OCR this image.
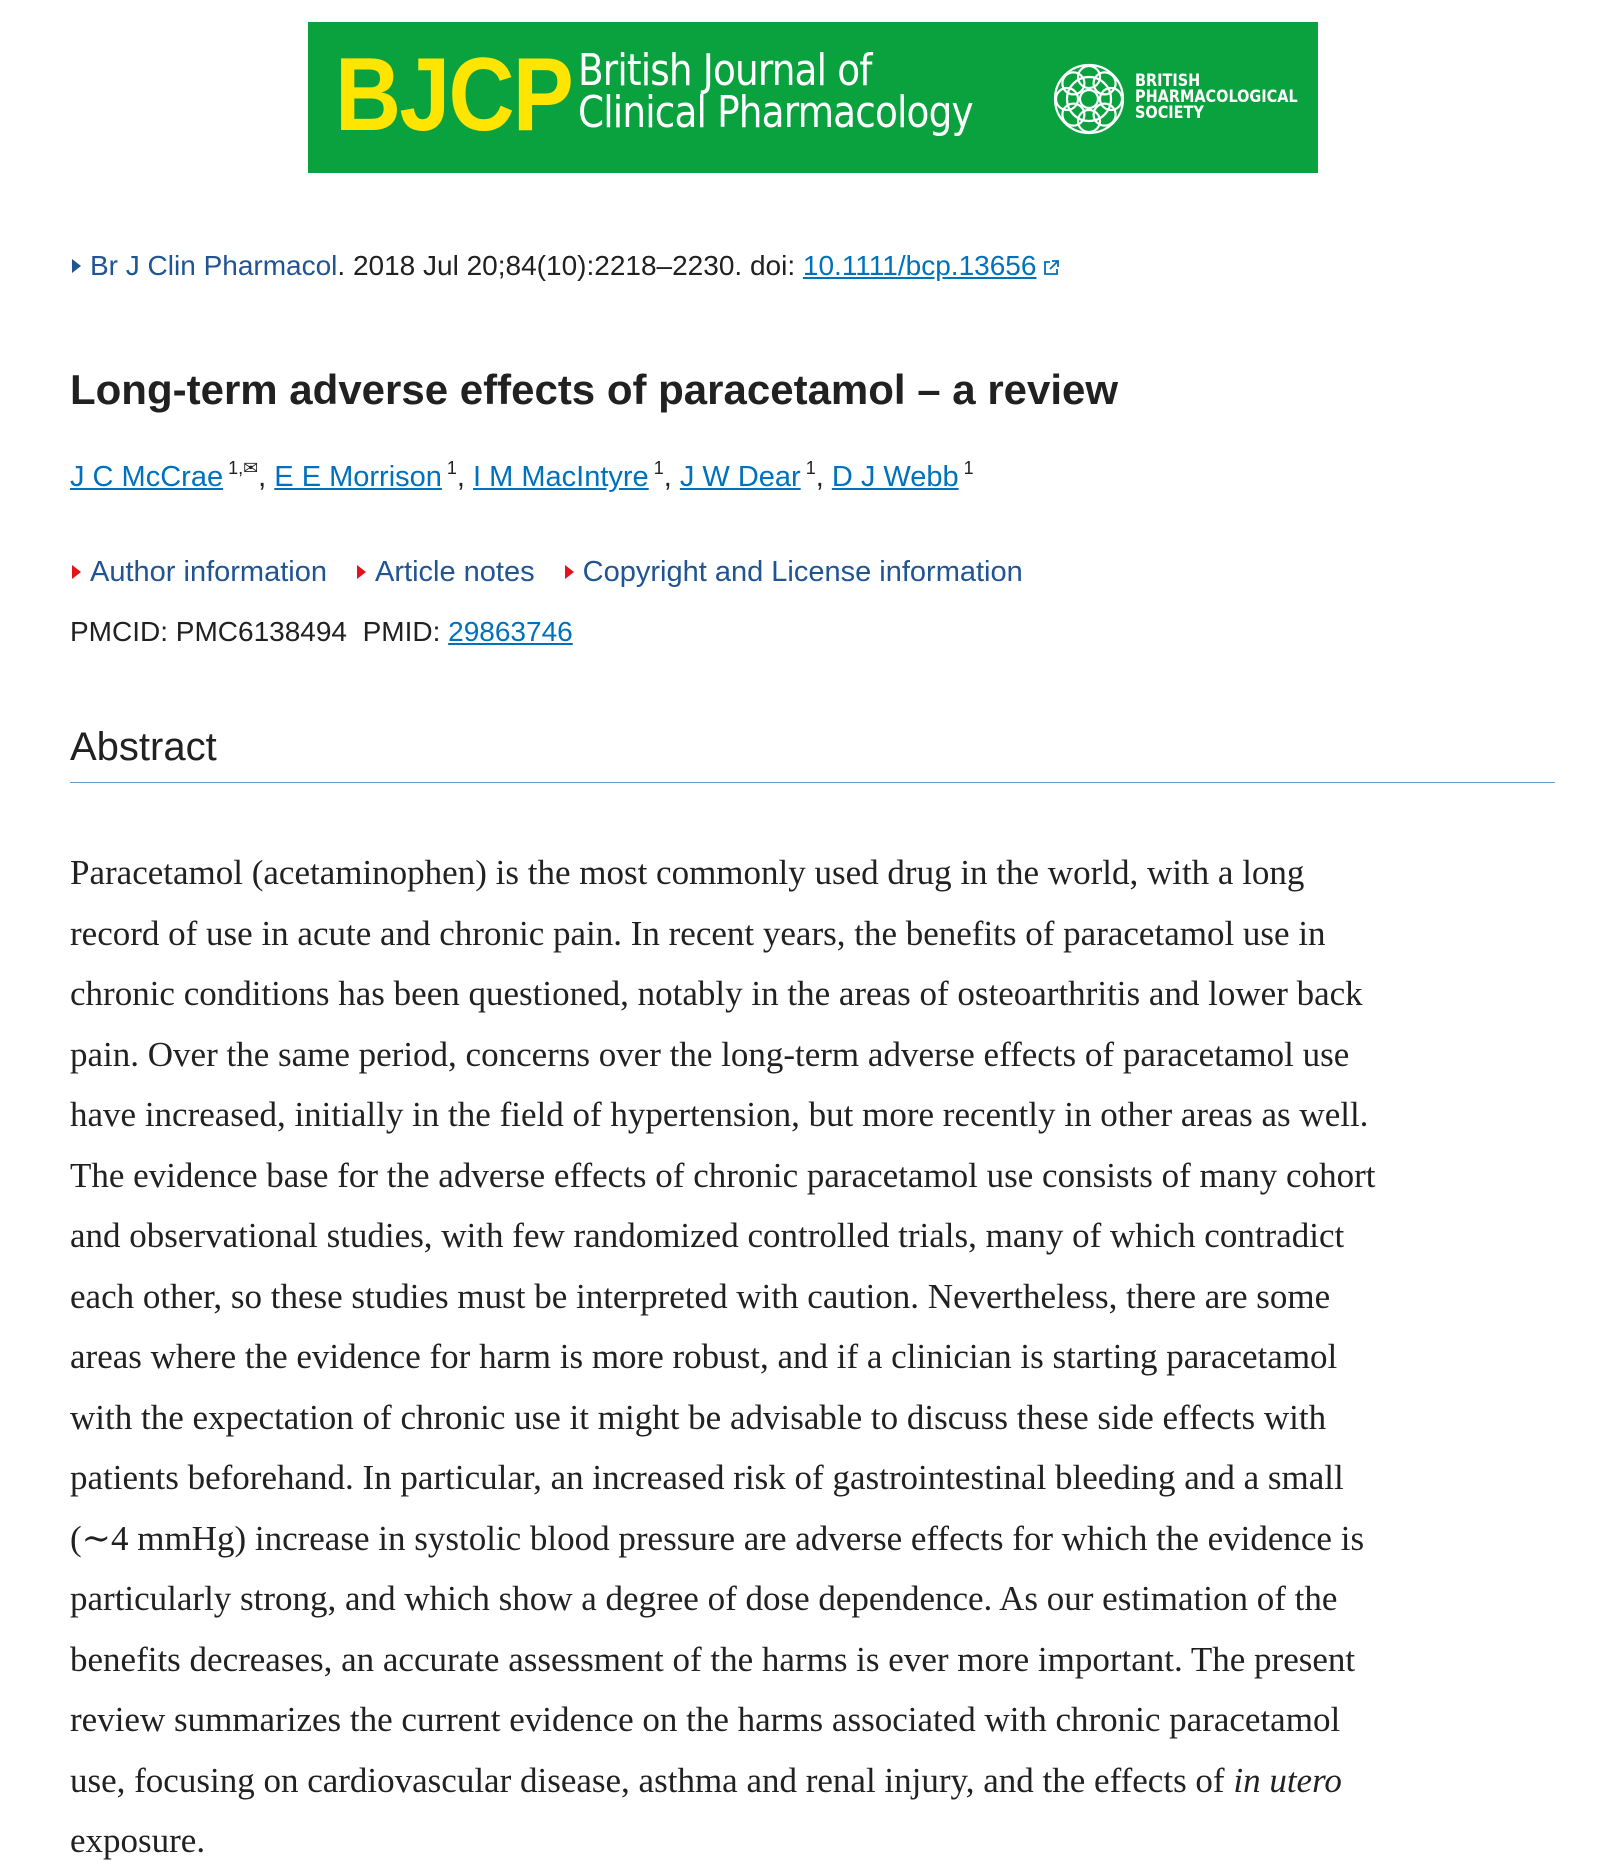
BJCP British Journal of
Clinical Pharmacology
BRITISH
PHARMACOLOGICAL
SOCIETY
Br J Clin Pharmacol. 2018 Jul 20;84(10):2218–2230. doi: 10.1111/bcp.13656
Long-term adverse effects of paracetamol – a review
J C McCrae $^{1,✉}$, E E Morrison $^1$, I M MacIntyre $^1$, J W Dear $^1$, D J Webb $^1$
Author information Article notes Copyright and License information
PMCID: PMC6138494 PMID: 29863746
Abstract

Paracetamol (acetaminophen) is the most commonly used drug in the world, with a long
record of use in acute and chronic pain. In recent years, the benefits of paracetamol use in
chronic conditions has been questioned, notably in the areas of osteoarthritis and lower back
pain. Over the same period, concerns over the long‐term adverse effects of paracetamol use
have increased, initially in the field of hypertension, but more recently in other areas as well.
The evidence base for the adverse effects of chronic paracetamol use consists of many cohort
and observational studies, with few randomized controlled trials, many of which contradict
each other, so these studies must be interpreted with caution. Nevertheless, there are some
areas where the evidence for harm is more robust, and if a clinician is starting paracetamol
with the expectation of chronic use it might be advisable to discuss these side effects with
patients beforehand. In particular, an increased risk of gastrointestinal bleeding and a small
(∼4 mmHg) increase in systolic blood pressure are adverse effects for which the evidence is
particularly strong, and which show a degree of dose dependence. As our estimation of the
benefits decreases, an accurate assessment of the harms is ever more important. The present
review summarizes the current evidence on the harms associated with chronic paracetamol
use, focusing on cardiovascular disease, asthma and renal injury, and the effects of in utero
exposure.
